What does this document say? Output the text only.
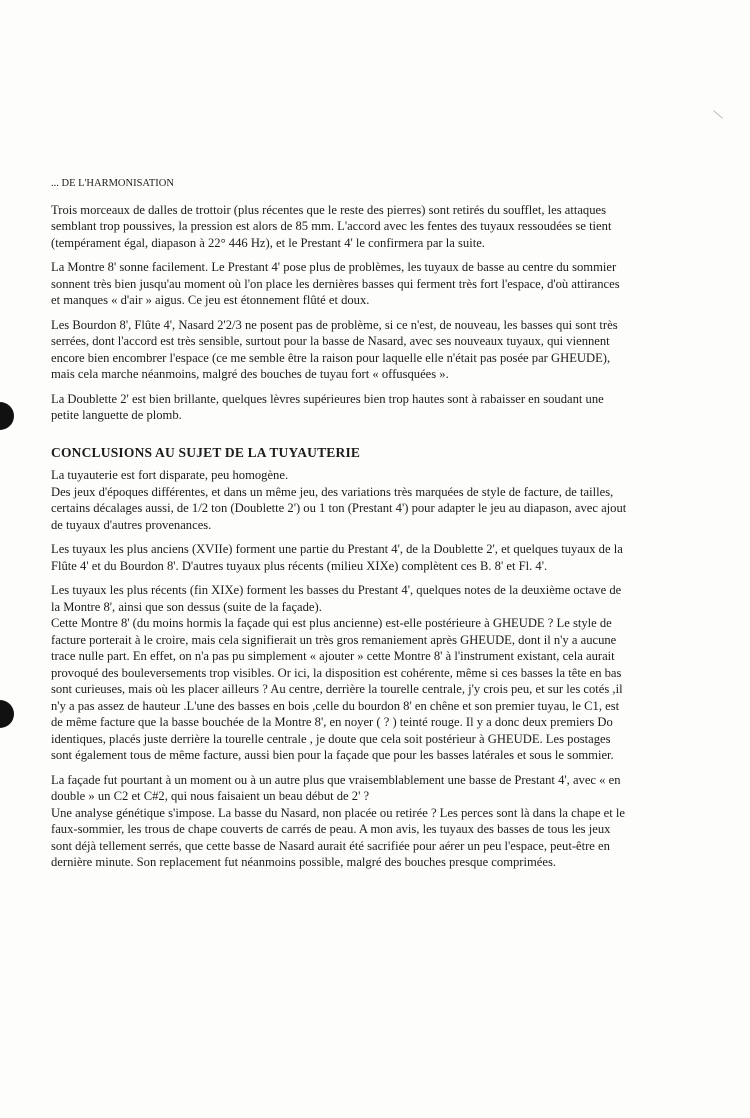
... DE L'HARMONISATION

Trois morceaux de dalles de trottoir (plus récentes que le reste des pierres) sont retirés du soufflet, les attaques semblant trop poussives, la pression est alors de 85 mm. L'accord avec les fentes des tuyaux ressoudées se tient (tempérament égal, diapason à 22° 446 Hz), et le Prestant 4' le confirmera par la suite.

La Montre 8' sonne facilement. Le Prestant 4' pose plus de problèmes, les tuyaux de basse au centre du sommier sonnent très bien jusqu'au moment où l'on place les dernières basses qui ferment très fort l'espace, d'où attirances et manques « d'air » aigus. Ce jeu est étonnement flûté et doux.

Les Bourdon 8', Flûte 4', Nasard 2'2/3 ne posent pas de problème, si ce n'est, de nouveau, les basses qui sont très serrées, dont l'accord est très sensible, surtout pour la basse de Nasard, avec ses nouveaux tuyaux, qui viennent encore bien encombrer l'espace (ce me semble être la raison pour laquelle elle n'était pas posée par GHEUDE), mais cela marche néanmoins, malgré des bouches de tuyau fort « offusquées ».

La Doublette 2' est bien brillante, quelques lèvres supérieures bien trop hautes sont à rabaisser en soudant une petite languette de plomb.

CONCLUSIONS AU SUJET DE LA TUYAUTERIE

La tuyauterie est fort disparate, peu homogène.
Des jeux d'époques différentes, et dans un même jeu, des variations très marquées de style de facture, de tailles, certains décalages aussi, de 1/2 ton (Doublette 2') ou 1 ton (Prestant 4') pour adapter le jeu au diapason, avec ajout de tuyaux d'autres provenances.

Les tuyaux les plus anciens (XVIIe) forment une partie du Prestant 4', de la Doublette 2', et quelques tuyaux de la Flûte 4' et du Bourdon 8'. D'autres tuyaux plus récents (milieu XIXe) complètent ces B. 8' et Fl. 4'.

Les tuyaux les plus récents (fin XIXe) forment les basses du Prestant 4', quelques notes de la deuxième octave de la Montre 8', ainsi que son dessus (suite de la façade).
Cette Montre 8' (du moins hormis la façade qui est plus ancienne) est-elle postérieure à GHEUDE ? Le style de facture porterait à le croire, mais cela signifierait un très gros remaniement après GHEUDE, dont il n'y a aucune trace nulle part. En effet, on n'a pas pu simplement « ajouter » cette Montre 8' à l'instrument existant, cela aurait provoqué des bouleversements trop visibles. Or ici, la disposition est cohérente, même si ces basses la tête en bas sont curieuses, mais où les placer ailleurs ? Au centre, derrière la tourelle centrale, j'y crois peu, et sur les cotés ,il n'y a pas assez de hauteur .L'une des basses en bois ,celle du bourdon 8' en chêne et son premier tuyau, le C1, est de même facture que la basse bouchée de la Montre 8', en noyer ( ? ) teinté rouge. Il y a donc deux premiers Do identiques, placés juste derrière la tourelle centrale , je doute que cela soit postérieur à GHEUDE. Les postages sont également tous de même facture, aussi bien pour la façade que pour les basses latérales et sous le sommier.

La façade fut pourtant à un moment ou à un autre plus que vraisemblablement une basse de Prestant 4', avec « en double » un C2 et C#2, qui nous faisaient un beau début de 2' ?
Une analyse génétique s'impose. La basse du Nasard, non placée ou retirée ? Les perces sont là dans la chape et le faux-sommier, les trous de chape couverts de carrés de peau. A mon avis, les tuyaux des basses de tous les jeux sont déjà tellement serrés, que cette basse de Nasard aurait été sacrifiée pour aérer un peu l'espace, peut-être en dernière minute. Son replacement fut néanmoins possible, malgré des bouches presque comprimées.
